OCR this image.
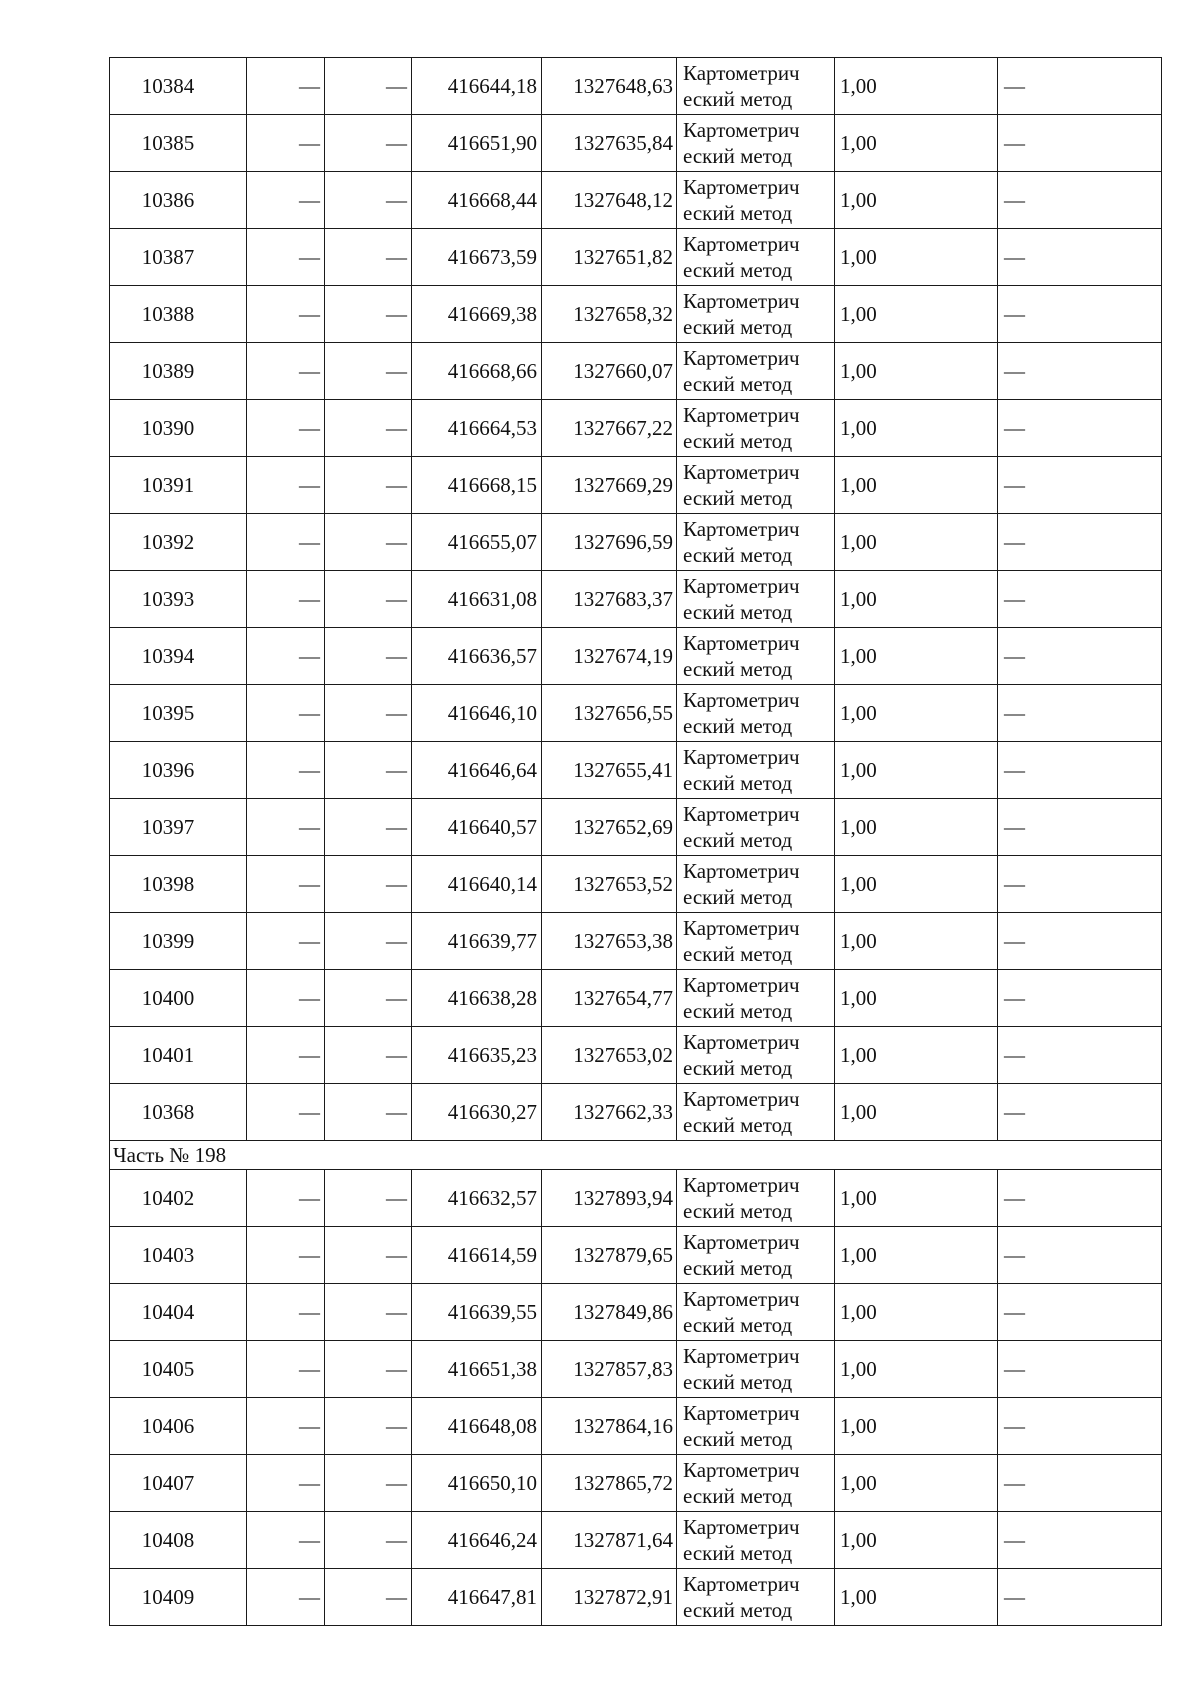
10384	—	—	416644,18	1327648,63	Картометрич
еский метод	1,00	—
10385	—	—	416651,90	1327635,84	Картометрич
еский метод	1,00	—
10386	—	—	416668,44	1327648,12	Картометрич
еский метод	1,00	—
10387	—	—	416673,59	1327651,82	Картометрич
еский метод	1,00	—
10388	—	—	416669,38	1327658,32	Картометрич
еский метод	1,00	—
10389	—	—	416668,66	1327660,07	Картометрич
еский метод	1,00	—
10390	—	—	416664,53	1327667,22	Картометрич
еский метод	1,00	—
10391	—	—	416668,15	1327669,29	Картометрич
еский метод	1,00	—
10392	—	—	416655,07	1327696,59	Картометрич
еский метод	1,00	—
10393	—	—	416631,08	1327683,37	Картометрич
еский метод	1,00	—
10394	—	—	416636,57	1327674,19	Картометрич
еский метод	1,00	—
10395	—	—	416646,10	1327656,55	Картометрич
еский метод	1,00	—
10396	—	—	416646,64	1327655,41	Картометрич
еский метод	1,00	—
10397	—	—	416640,57	1327652,69	Картометрич
еский метод	1,00	—
10398	—	—	416640,14	1327653,52	Картометрич
еский метод	1,00	—
10399	—	—	416639,77	1327653,38	Картометрич
еский метод	1,00	—
10400	—	—	416638,28	1327654,77	Картометрич
еский метод	1,00	—
10401	—	—	416635,23	1327653,02	Картометрич
еский метод	1,00	—
10368	—	—	416630,27	1327662,33	Картометрич
еский метод	1,00	—
Часть № 198							
10402	—	—	416632,57	1327893,94	Картометрич
еский метод	1,00	—
10403	—	—	416614,59	1327879,65	Картометрич
еский метод	1,00	—
10404	—	—	416639,55	1327849,86	Картометрич
еский метод	1,00	—
10405	—	—	416651,38	1327857,83	Картометрич
еский метод	1,00	—
10406	—	—	416648,08	1327864,16	Картометрич
еский метод	1,00	—
10407	—	—	416650,10	1327865,72	Картометрич
еский метод	1,00	—
10408	—	—	416646,24	1327871,64	Картометрич
еский метод	1,00	—
10409	—	—	416647,81	1327872,91	Картометрич
еский метод	1,00	—
